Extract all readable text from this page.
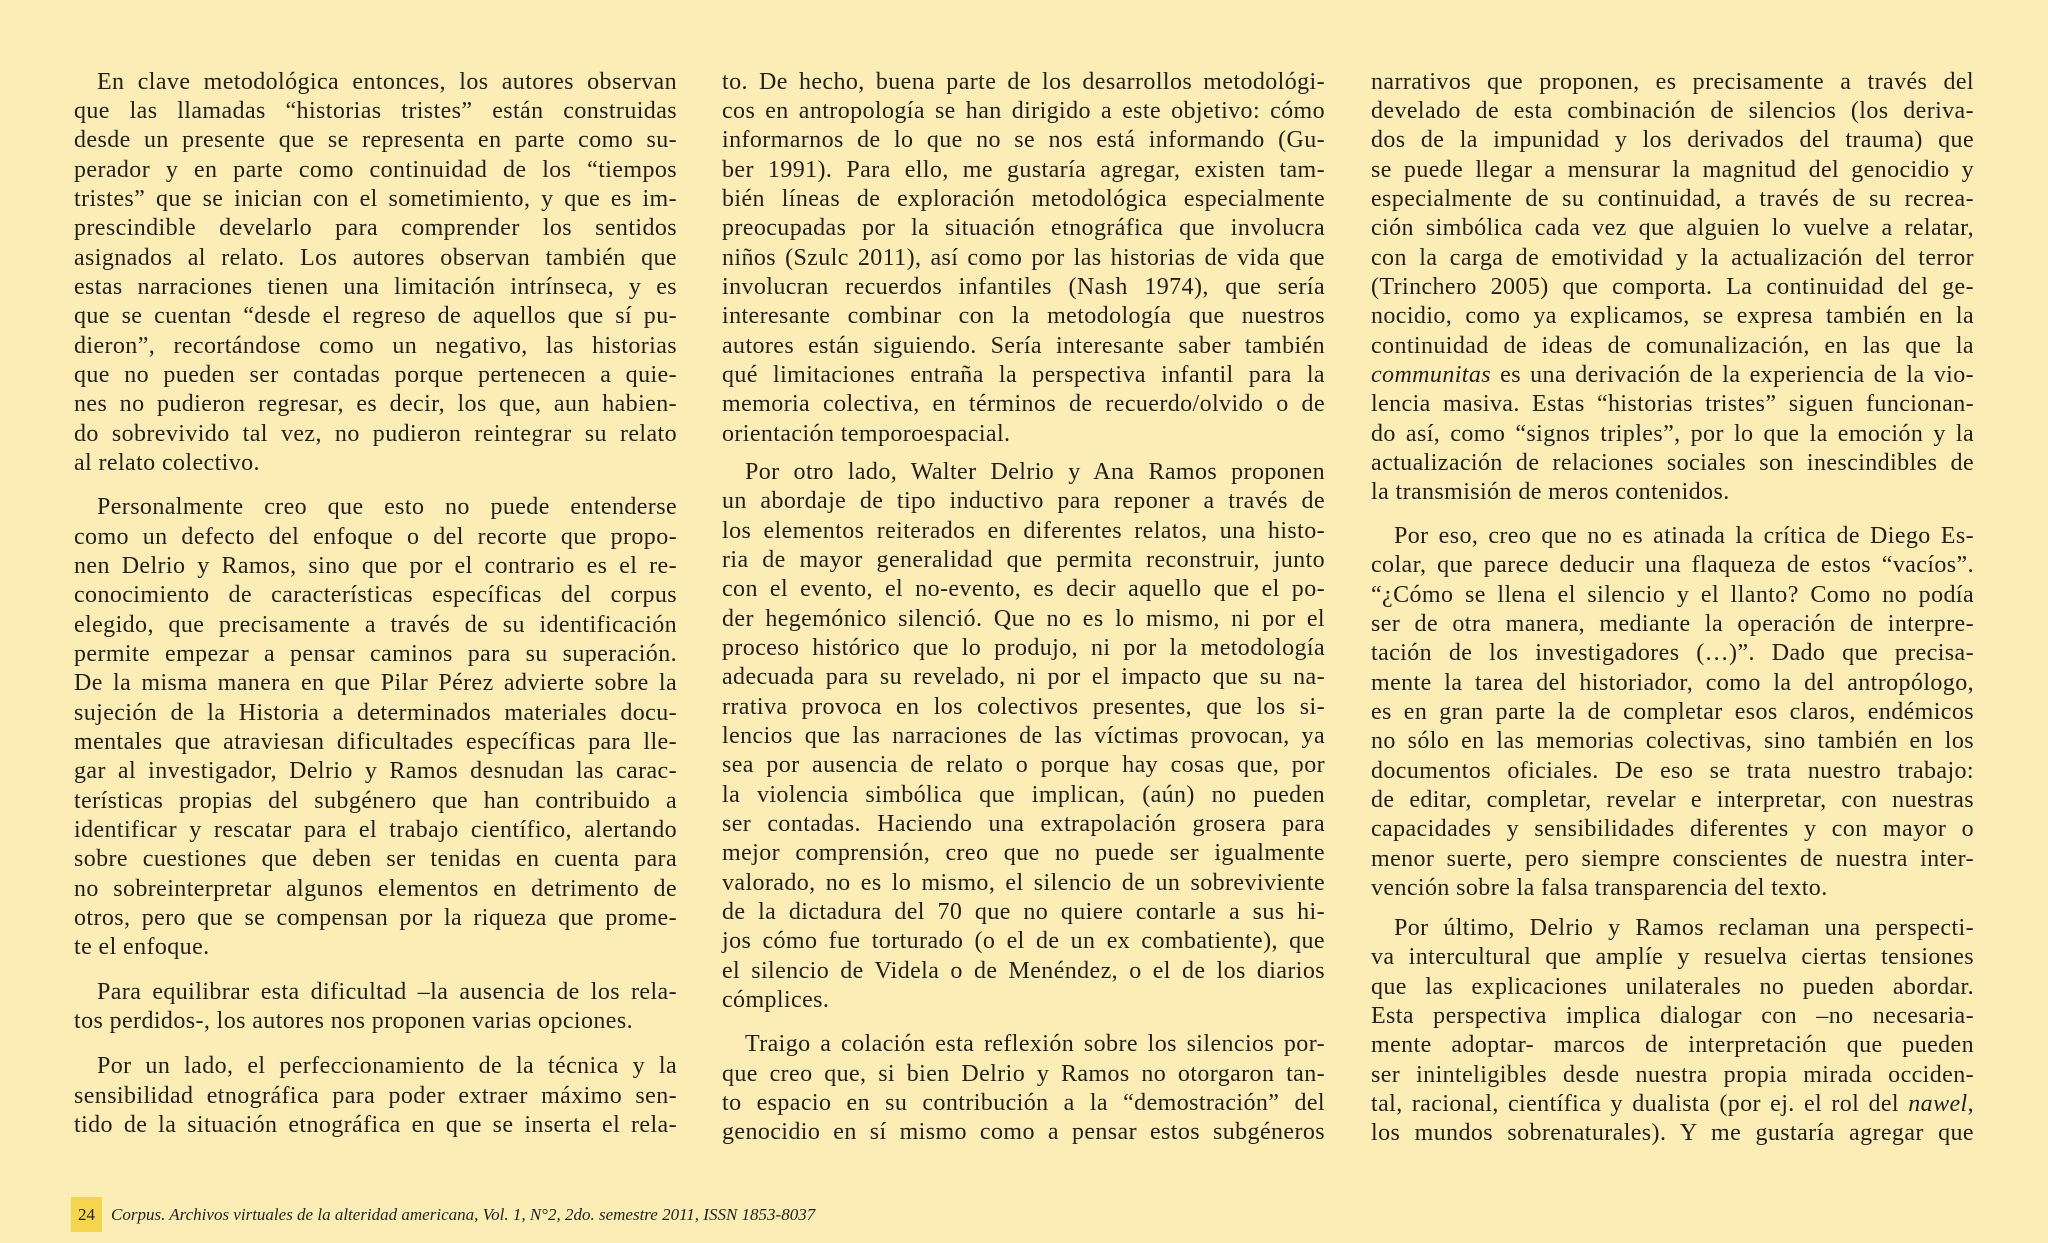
En clave metodológica entonces, los autores observan
que las llamadas “historias tristes” están construidas
desde un presente que se representa en parte como su-
perador y en parte como continuidad de los “tiempos
tristes” que se inician con el sometimiento, y que es im-
prescindible develarlo para comprender los sentidos
asignados al relato. Los autores observan también que
estas narraciones tienen una limitación intrínseca, y es
que se cuentan “desde el regreso de aquellos que sí pu-
dieron”, recortándose como un negativo, las historias
que no pueden ser contadas porque pertenecen a quie-
nes no pudieron regresar, es decir, los que, aun habien-
do sobrevivido tal vez, no pudieron reintegrar su relato
al relato colectivo.
Personalmente creo que esto no puede entenderse
como un defecto del enfoque o del recorte que propo-
nen Delrio y Ramos, sino que por el contrario es el re-
conocimiento de características específicas del corpus
elegido, que precisamente a través de su identificación
permite empezar a pensar caminos para su superación.
De la misma manera en que Pilar Pérez advierte sobre la
sujeción de la Historia a determinados materiales docu-
mentales que atraviesan dificultades específicas para lle-
gar al investigador, Delrio y Ramos desnudan las carac-
terísticas propias del subgénero que han contribuido a
identificar y rescatar para el trabajo científico, alertando
sobre cuestiones que deben ser tenidas en cuenta para
no sobreinterpretar algunos elementos en detrimento de
otros, pero que se compensan por la riqueza que prome-
te el enfoque.
Para equilibrar esta dificultad –la ausencia de los rela-
tos perdidos-, los autores nos proponen varias opciones.
Por un lado, el perfeccionamiento de la técnica y la
sensibilidad etnográfica para poder extraer máximo sen-
tido de la situación etnográfica en que se inserta el rela-
to. De hecho, buena parte de los desarrollos metodológi-
cos en antropología se han dirigido a este objetivo: cómo
informarnos de lo que no se nos está informando (Gu-
ber 1991). Para ello, me gustaría agregar, existen tam-
bién líneas de exploración metodológica especialmente
preocupadas por la situación etnográfica que involucra
niños (Szulc 2011), así como por las historias de vida que
involucran recuerdos infantiles (Nash 1974), que sería
interesante combinar con la metodología que nuestros
autores están siguiendo. Sería interesante saber también
qué limitaciones entraña la perspectiva infantil para la
memoria colectiva, en términos de recuerdo/olvido o de
orientación temporoespacial.
Por otro lado, Walter Delrio y Ana Ramos proponen
un abordaje de tipo inductivo para reponer a través de
los elementos reiterados en diferentes relatos, una histo-
ria de mayor generalidad que permita reconstruir, junto
con el evento, el no-evento, es decir aquello que el po-
der hegemónico silenció. Que no es lo mismo, ni por el
proceso histórico que lo produjo, ni por la metodología
adecuada para su revelado, ni por el impacto que su na-
rrativa provoca en los colectivos presentes, que los si-
lencios que las narraciones de las víctimas provocan, ya
sea por ausencia de relato o porque hay cosas que, por
la violencia simbólica que implican, (aún) no pueden
ser contadas. Haciendo una extrapolación grosera para
mejor comprensión, creo que no puede ser igualmente
valorado, no es lo mismo, el silencio de un sobreviviente
de la dictadura del 70 que no quiere contarle a sus hi-
jos cómo fue torturado (o el de un ex combatiente), que
el silencio de Videla o de Menéndez, o el de los diarios
cómplices.
Traigo a colación esta reflexión sobre los silencios por-
que creo que, si bien Delrio y Ramos no otorgaron tan-
to espacio en su contribución a la “demostración” del
genocidio en sí mismo como a pensar estos subgéneros
narrativos que proponen, es precisamente a través del
develado de esta combinación de silencios (los deriva-
dos de la impunidad y los derivados del trauma) que
se puede llegar a mensurar la magnitud del genocidio y
especialmente de su continuidad, a través de su recrea-
ción simbólica cada vez que alguien lo vuelve a relatar,
con la carga de emotividad y la actualización del terror
(Trinchero 2005) que comporta. La continuidad del ge-
nocidio, como ya explicamos, se expresa también en la
continuidad de ideas de comunalización, en las que la
communitas es una derivación de la experiencia de la vio-
lencia masiva. Estas “historias tristes” siguen funcionan-
do así, como “signos triples”, por lo que la emoción y la
actualización de relaciones sociales son inescindibles de
la transmisión de meros contenidos.
Por eso, creo que no es atinada la crítica de Diego Es-
colar, que parece deducir una flaqueza de estos “vacíos”.
“¿Cómo se llena el silencio y el llanto? Como no podía
ser de otra manera, mediante la operación de interpre-
tación de los investigadores (…)”. Dado que precisa-
mente la tarea del historiador, como la del antropólogo,
es en gran parte la de completar esos claros, endémicos
no sólo en las memorias colectivas, sino también en los
documentos oficiales. De eso se trata nuestro trabajo:
de editar, completar, revelar e interpretar, con nuestras
capacidades y sensibilidades diferentes y con mayor o
menor suerte, pero siempre conscientes de nuestra inter-
vención sobre la falsa transparencia del texto.
Por último, Delrio y Ramos reclaman una perspecti-
va intercultural que amplíe y resuelva ciertas tensiones
que las explicaciones unilaterales no pueden abordar.
Esta perspectiva implica dialogar con –no necesaria-
mente adoptar- marcos de interpretación que pueden
ser ininteligibles desde nuestra propia mirada occiden-
tal, racional, científica y dualista (por ej. el rol del nawel,
los mundos sobrenaturales). Y me gustaría agregar que
24 Corpus. Archivos virtuales de la alteridad americana, Vol. 1, N°2, 2do. semestre 2011, ISSN 1853-8037
